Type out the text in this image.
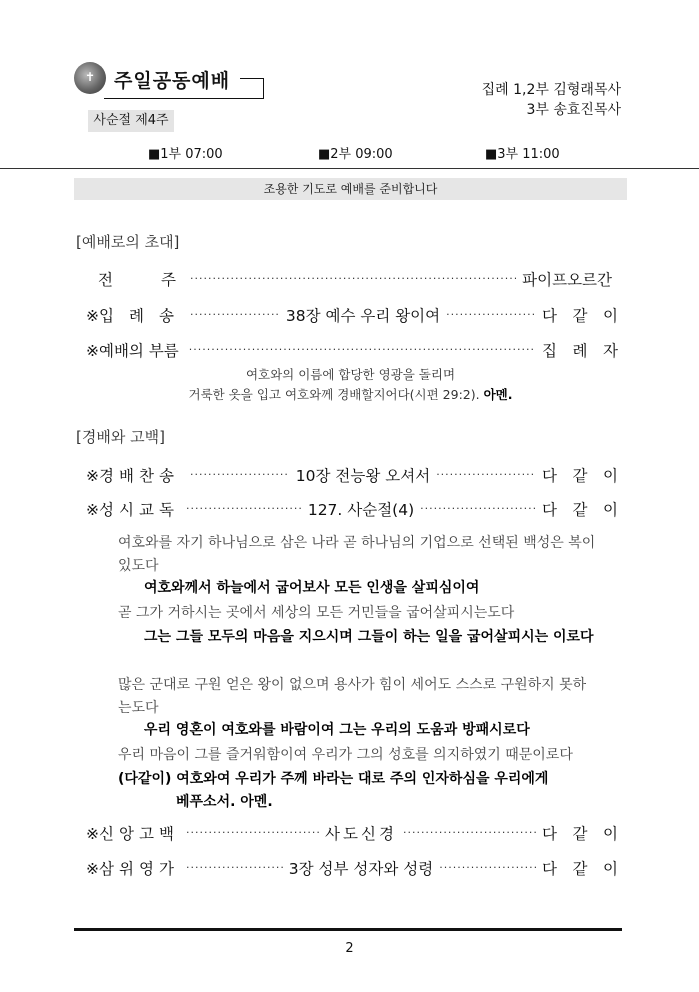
✝ 주일공동예배
사순절 제4주
집례 1,2부 김형래목사
3부 송효진목사
■1부 07:00	■2부 09:00	■3부 11:00
조용한 기도로 예배를 준비합니다
[예배로의 초대]
전	주 ·····	파이프오르간
※입 례 송 ·····	38장 예수 우리 왕이여 ·····	다 같 이
※예배의 부름 ·····	집 례 자
여호와의 이름에 합당한 영광을 돌리며
거룩한 옷을 입고 여호와께 경배할지어다(시편 29:2). 아멘.
[경배와 고백]
※경 배 찬 송 ·····	10장 전능왕 오셔서 ·····	다 같 이
※성 시 교 독 ·····	127. 사순절(4) ·····	다 같 이
여호와를 자기 하나님으로 삼은 나라 곧 하나님의 기업으로 선택된 백성은 복이 있도다
여호와께서 하늘에서 굽어보사 모든 인생을 살피심이여
곧 그가 거하시는 곳에서 세상의 모든 거민들을 굽어살피시는도다
그는 그들 모두의 마음을 지으시며 그들이 하는 일을 굽어살피시는 이로다
많은 군대로 구원 얻은 왕이 없으며 용사가 힘이 세어도 스스로 구원하지 못하는도다
우리 영혼이 여호와를 바람이여 그는 우리의 도움과 방패시로다
우리 마음이 그를 즐거워함이여 우리가 그의 성호를 의지하였기 때문이로다
(다같이) 여호와여 우리가 주께 바라는 대로 주의 인자하심을 우리에게
베푸소서. 아멘.
※신 앙 고 백 ·····	사도신경 ·····	다 같 이
※삼 위 영 가 ·····	3장 성부 성자와 성령 ·····	다 같 이
2
